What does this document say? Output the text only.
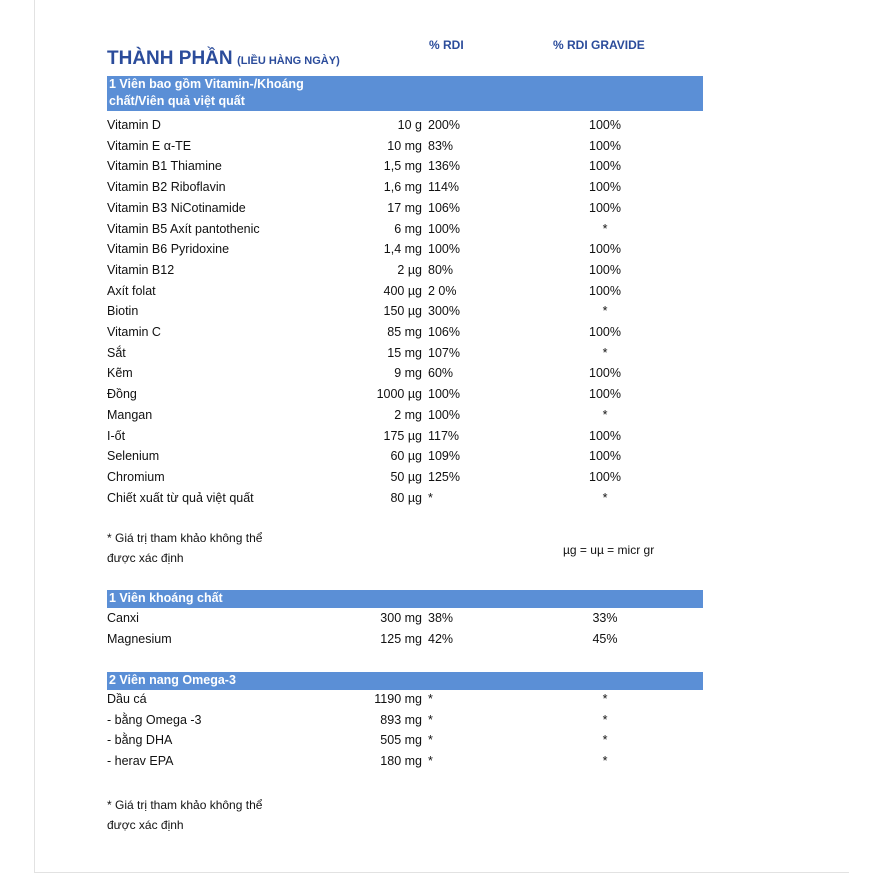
% RDI	% RDI GRAVIDE
THÀNH PHẦN (LIỀU HÀNG NGÀY)
1 Viên bao gồm Vitamin-/Khoáng
chất/Viên quả việt quất
Vitamin D	10 g 200%	100%
Vitamin E α-TE	10 mg 83%	100%
Vitamin B1 Thiamine	1,5 mg 136%	100%
Vitamin B2 Riboflavin	1,6 mg 114%	100%
Vitamin B3 NiCotinamide	17 mg 106%	100%
Vitamin B5 Axít pantothenic	6 mg 100%	*
Vitamin B6 Pyridoxine	1,4 mg 100%	100%
Vitamin B12	2 µg 80%	100%
Axít folat	400 µg 2 0%	100%
Biotin	150 µg 300%	*
Vitamin C	85 mg 106%	100%
Sắt	15 mg 107%	*
Kẽm	9 mg 60%	100%
Đồng	1000 µg 100%	100%
Mangan	2 mg 100%	*
I-ốt	175 µg 117%	100%
Selenium	60 µg 109%	100%
Chromium	50 µg 125%	100%
Chiết xuất từ quả việt quất	80 µg *	*
* Giá trị tham khảo không thể
được xác định
µg = uµ = micr gr
1 Viên khoáng chất
Canxi	300 mg 38%	33%
Magnesium	125 mg 42%	45%
2 Viên nang Omega-3
Dầu cá	1190 mg *	*
- bằng Omega -3	893 mg *	*
- bằng DHA	505 mg *	*
- herav EPA	180 mg *	*
* Giá trị tham khảo không thể
được xác định
